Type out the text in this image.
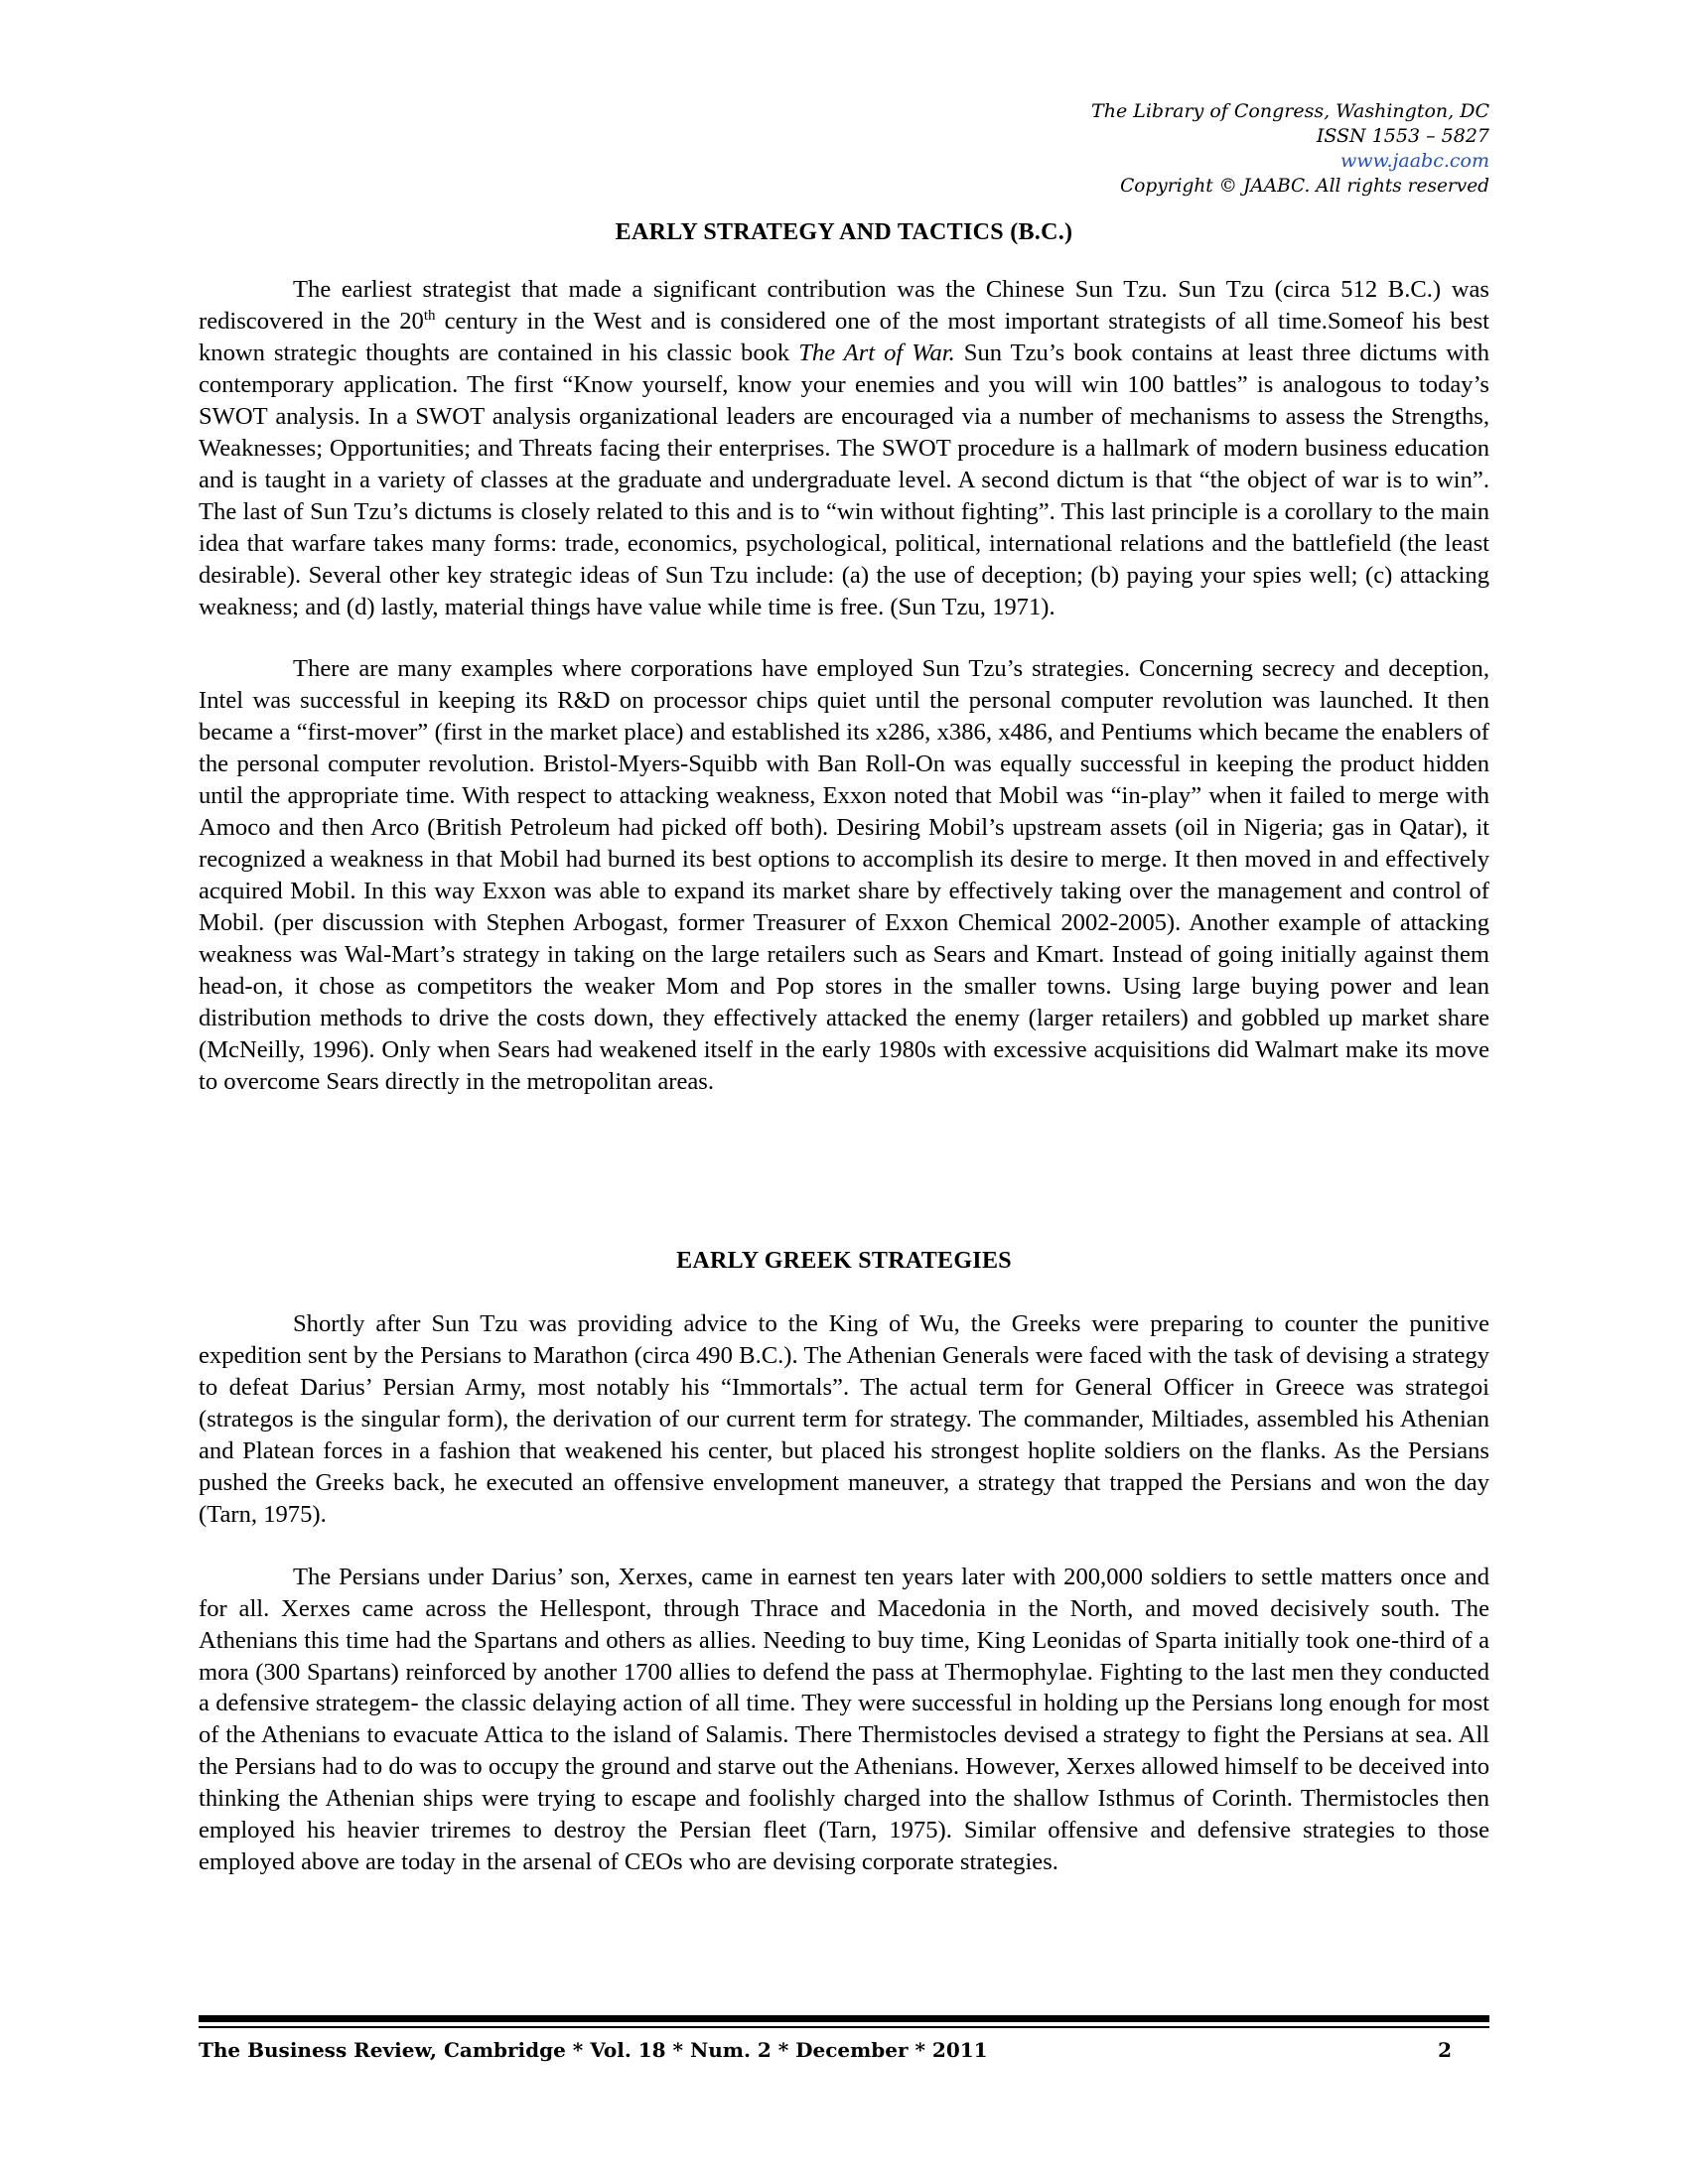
The Library of Congress, Washington, DC
ISSN 1553 – 5827
www.jaabc.com
Copyright © JAABC. All rights reserved
EARLY STRATEGY AND TACTICS (B.C.)

The earliest strategist that made a significant contribution was the Chinese Sun Tzu. Sun Tzu (circa 512 B.C.) was rediscovered in the 20th century in the West and is considered one of the most important strategists of all time.Someof his best known strategic thoughts are contained in his classic book The Art of War. Sun Tzu’s book contains at least three dictums with contemporary application. The first “Know yourself, know your enemies and you will win 100 battles” is analogous to today’s SWOT analysis. In a SWOT analysis organizational leaders are encouraged via a number of mechanisms to assess the Strengths, Weaknesses; Opportunities; and Threats facing their enterprises. The SWOT procedure is a hallmark of modern business education and is taught in a variety of classes at the graduate and undergraduate level. A second dictum is that “the object of war is to win”. The last of Sun Tzu’s dictums is closely related to this and is to “win without fighting”. This last principle is a corollary to the main idea that warfare takes many forms: trade, economics, psychological, political, international relations and the battlefield (the least desirable). Several other key strategic ideas of Sun Tzu include: (a) the use of deception; (b) paying your spies well; (c) attacking weakness; and (d) lastly, material things have value while time is free. (Sun Tzu, 1971).

There are many examples where corporations have employed Sun Tzu’s strategies. Concerning secrecy and deception, Intel was successful in keeping its R&D on processor chips quiet until the personal computer revolution was launched. It then became a “first-mover” (first in the market place) and established its x286, x386, x486, and Pentiums which became the enablers of the personal computer revolution. Bristol-Myers-Squibb with Ban Roll-On was equally successful in keeping the product hidden until the appropriate time. With respect to attacking weakness, Exxon noted that Mobil was “in-play” when it failed to merge with Amoco and then Arco (British Petroleum had picked off both). Desiring Mobil’s upstream assets (oil in Nigeria; gas in Qatar), it recognized a weakness in that Mobil had burned its best options to accomplish its desire to merge. It then moved in and effectively acquired Mobil. In this way Exxon was able to expand its market share by effectively taking over the management and control of Mobil. (per discussion with Stephen Arbogast, former Treasurer of Exxon Chemical 2002-2005). Another example of attacking weakness was Wal-Mart’s strategy in taking on the large retailers such as Sears and Kmart. Instead of going initially against them head-on, it chose as competitors the weaker Mom and Pop stores in the smaller towns. Using large buying power and lean distribution methods to drive the costs down, they effectively attacked the enemy (larger retailers) and gobbled up market share (McNeilly, 1996). Only when Sears had weakened itself in the early 1980s with excessive acquisitions did Walmart make its move to overcome Sears directly in the metropolitan areas.

EARLY GREEK STRATEGIES

Shortly after Sun Tzu was providing advice to the King of Wu, the Greeks were preparing to counter the punitive expedition sent by the Persians to Marathon (circa 490 B.C.). The Athenian Generals were faced with the task of devising a strategy to defeat Darius’ Persian Army, most notably his “Immortals”. The actual term for General Officer in Greece was strategoi (strategos is the singular form), the derivation of our current term for strategy. The commander, Miltiades, assembled his Athenian and Platean forces in a fashion that weakened his center, but placed his strongest hoplite soldiers on the flanks. As the Persians pushed the Greeks back, he executed an offensive envelopment maneuver, a strategy that trapped the Persians and won the day (Tarn, 1975).

The Persians under Darius’ son, Xerxes, came in earnest ten years later with 200,000 soldiers to settle matters once and for all. Xerxes came across the Hellespont, through Thrace and Macedonia in the North, and moved decisively south. The Athenians this time had the Spartans and others as allies. Needing to buy time, King Leonidas of Sparta initially took one-third of a mora (300 Spartans) reinforced by another 1700 allies to defend the pass at Thermophylae. Fighting to the last men they conducted a defensive strategem- the classic delaying action of all time. They were successful in holding up the Persians long enough for most of the Athenians to evacuate Attica to the island of Salamis. There Thermistocles devised a strategy to fight the Persians at sea. All the Persians had to do was to occupy the ground and starve out the Athenians. However, Xerxes allowed himself to be deceived into thinking the Athenian ships were trying to escape and foolishly charged into the shallow Isthmus of Corinth. Thermistocles then employed his heavier triremes to destroy the Persian fleet (Tarn, 1975). Similar offensive and defensive strategies to those employed above are today in the arsenal of CEOs who are devising corporate strategies.

The Business Review, Cambridge * Vol. 18 * Num. 2 * December * 2011	2
